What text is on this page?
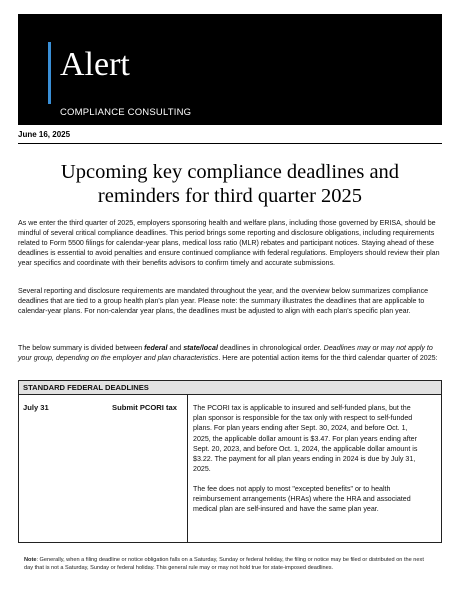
Alert
COMPLIANCE CONSULTING
June 16, 2025
Upcoming key compliance deadlines and reminders for third quarter 2025
As we enter the third quarter of 2025, employers sponsoring health and welfare plans, including those governed by ERISA, should be mindful of several critical compliance deadlines. This period brings some reporting and disclosure obligations, including requirements related to Form 5500 filings for calendar-year plans, medical loss ratio (MLR) rebates and participant notices. Staying ahead of these deadlines is essential to avoid penalties and ensure continued compliance with federal regulations. Employers should review their plan year specifics and coordinate with their benefits advisors to confirm timely and accurate submissions.
Several reporting and disclosure requirements are mandated throughout the year, and the overview below summarizes compliance deadlines that are tied to a group health plan's plan year. Please note: the summary illustrates the deadlines that are applicable to calendar-year plans. For non-calendar year plans, the deadlines must be adjusted to align with each plan's specific plan year.
The below summary is divided between federal and state/local deadlines in chronological order. Deadlines may or may not apply to your group, depending on the employer and plan characteristics. Here are potential action items for the third calendar quarter of 2025:
STANDARD FEDERAL DEADLINES
July 31	Submit PCORI tax The PCORI tax is applicable to insured and self-funded plans, but the plan sponsor is responsible for the tax only with respect to self-funded plans. For plan years ending after Sept. 30, 2024, and before Oct. 1, 2025, the applicable dollar amount is $3.47. For plan years ending after Sept. 20, 2023, and before Oct. 1, 2024, the applicable dollar amount is $3.22. The payment for all plan years ending in 2024 is due by July 31, 2025.
The fee does not apply to most "excepted benefits" or to health reimbursement arrangements (HRAs) where the HRA and associated medical plan are self-insured and have the same plan year.
Note: Generally, when a filing deadline or notice obligation falls on a Saturday, Sunday or federal holiday, the filing or notice may be filed or distributed on the next day that is not a Saturday, Sunday or federal holiday. This general rule may or may not hold true for state-imposed deadlines.
